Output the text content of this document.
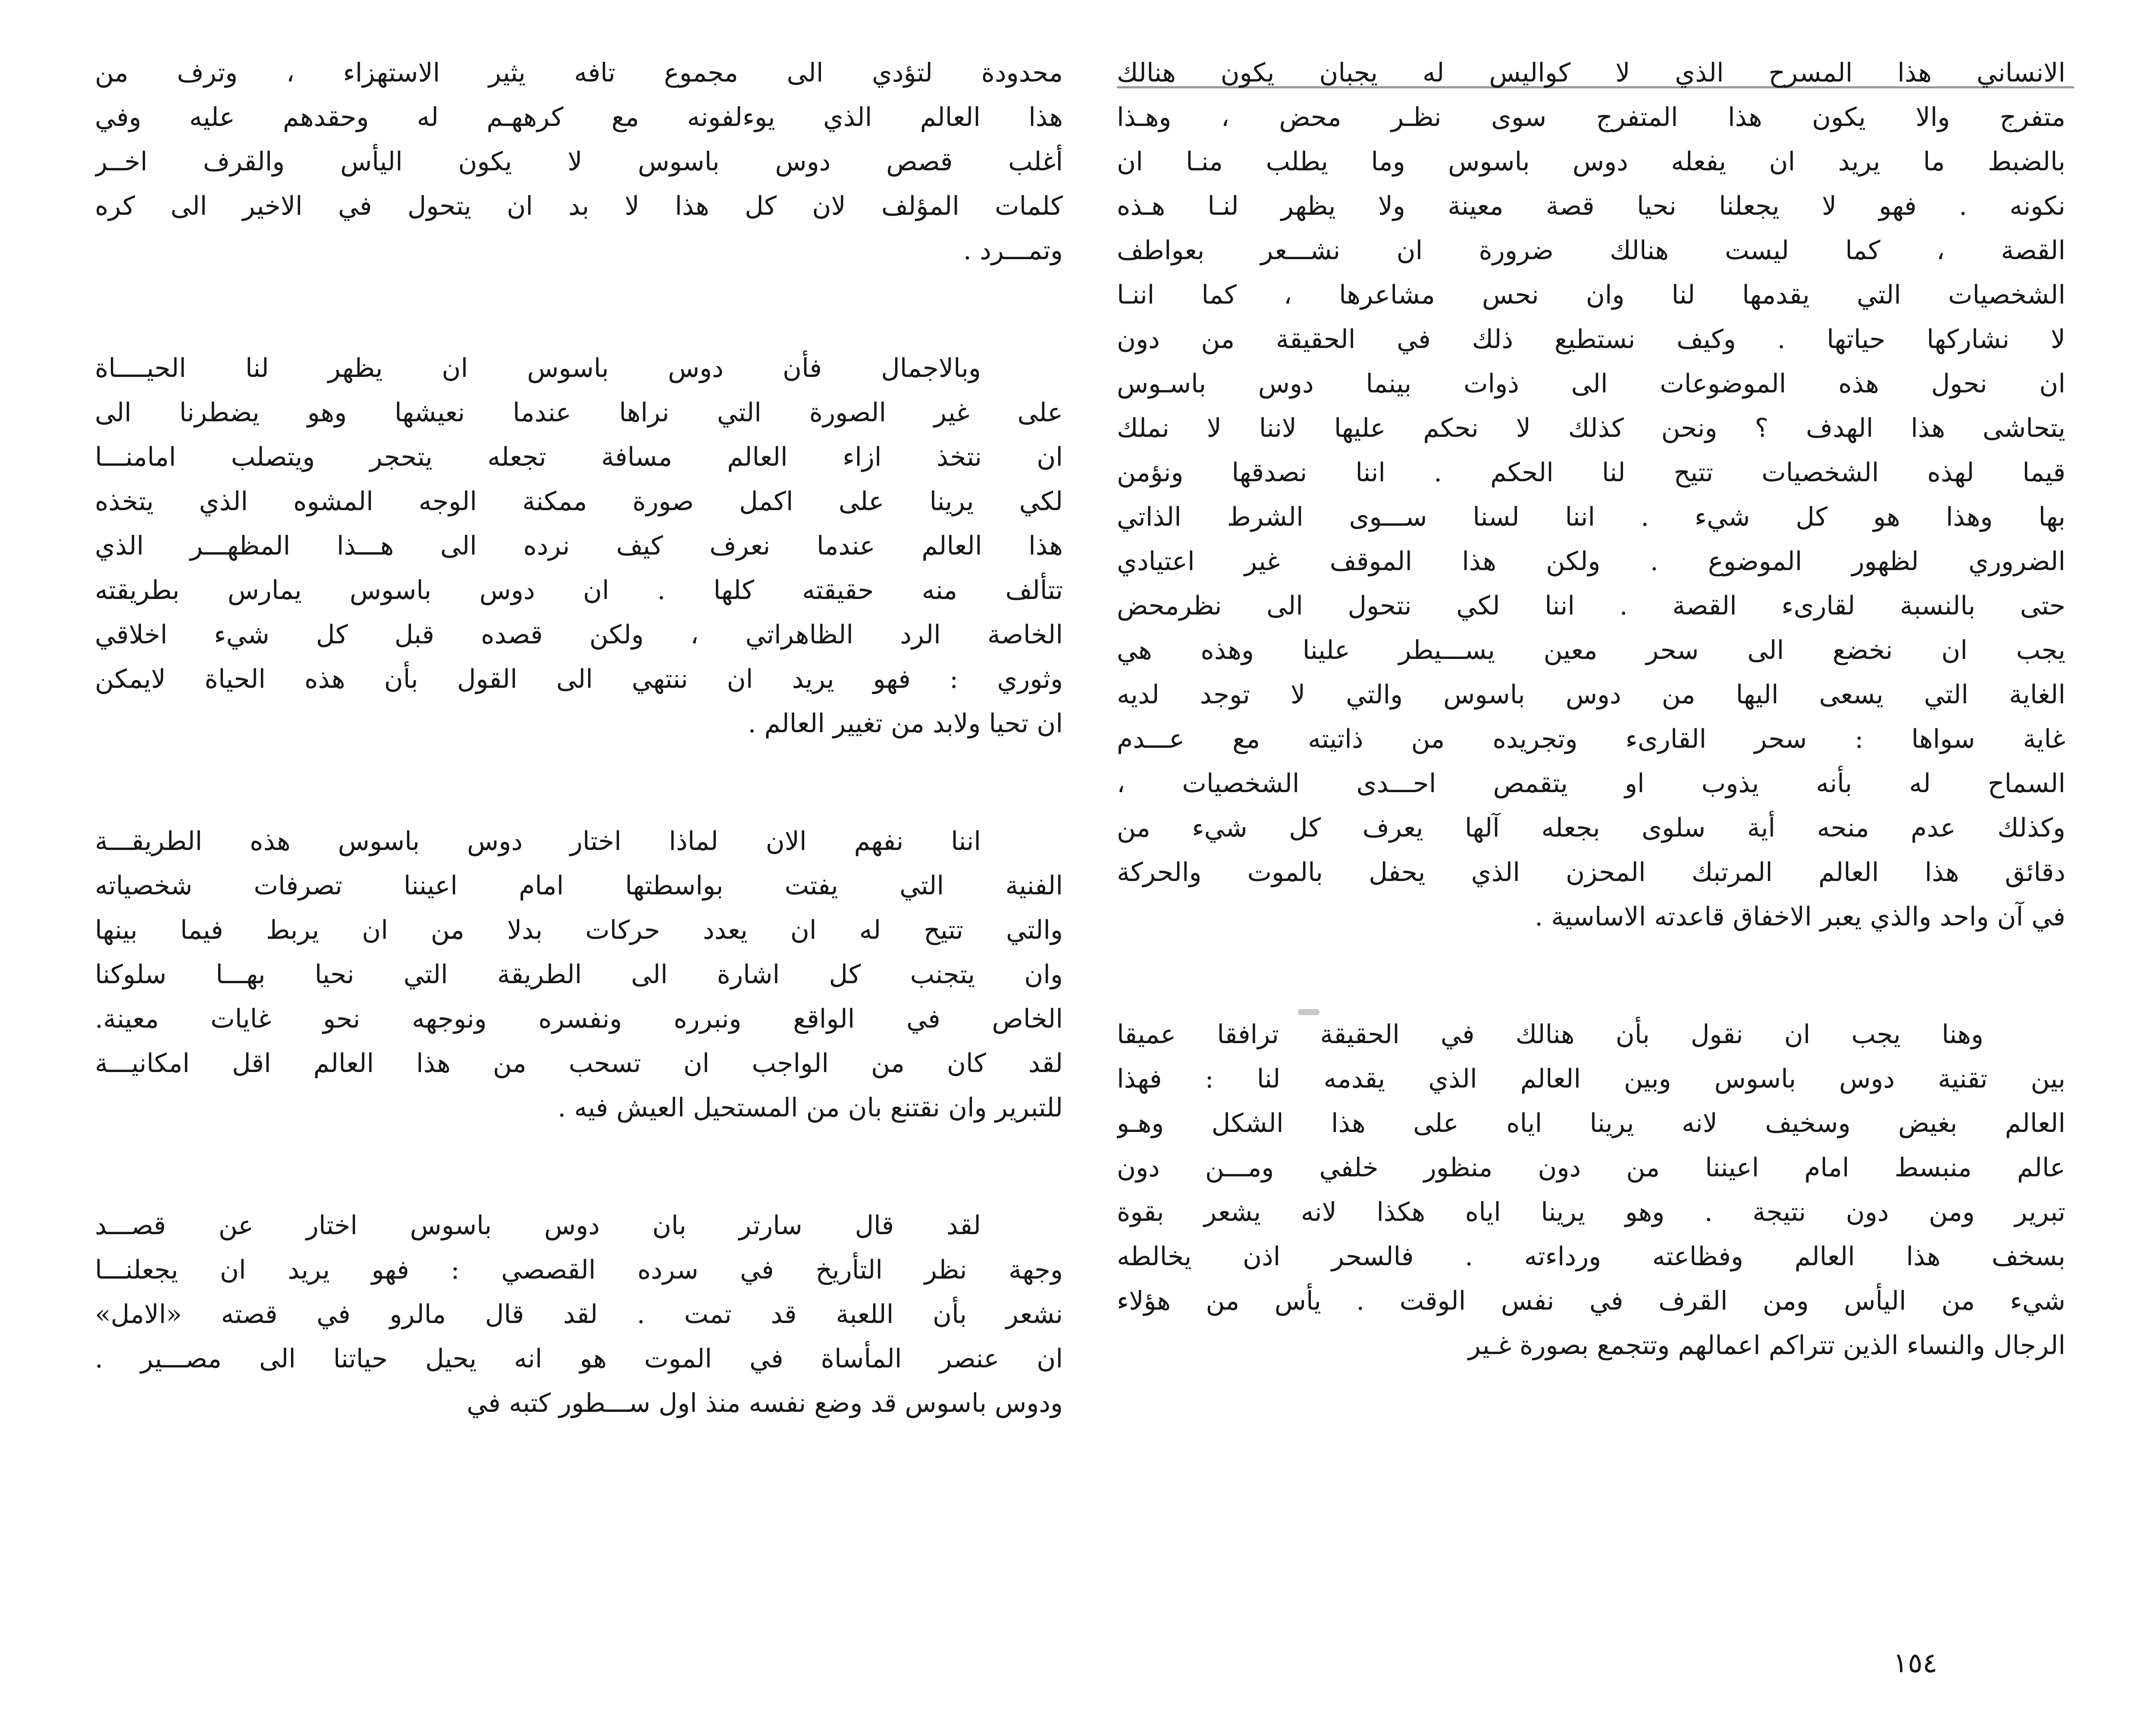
الانساني هذا المسرح الذي لا كواليس له يجبان يكون هنالك
متفرج والا يكون هذا المتفرج سوى نظـر محض ، وهـذا
بالضبط ما يريد ان يفعله دوس باسوس وما يطلب منـا ان
نكونه . فهو لا يجعلنا نحيا قصة معينة ولا يظهر لنـا هـذه
القصة ، كما ليست هنالك ضرورة ان نشـــعر بعواطف
الشخصيات التي يقدمها لنا وان نحس مشاعرها ، كما اننـا
لا نشاركها حياتها . وكيف نستطيع ذلك في الحقيقة من دون
ان نحول هذه الموضوعات الى ذوات بينما دوس باسـوس
يتحاشى هذا الهدف ؟ ونحن كذلك لا نحكم عليها لاننا لا نملك
قيما لهذه الشخصيات تتيح لنا الحكم . اننا نصدقها ونؤمن
بها وهذا هو كل شيء . اننا لسنا ســـوى الشرط الذاتي
الضروري لظهور الموضوع . ولكن هذا الموقف غير اعتيادي
حتى بالنسبة لقارىء القصة . اننا لكي نتحول الى نظرمحض
يجب ان نخضع الى سحر معين يســـيطر علينا وهذه هي
الغاية التي يسعى اليها من دوس باسوس والتي لا توجد لديه
غاية سواها : سحر القارىء وتجريده من ذاتيته مع عـــدم
السماح له بأنه يذوب او يتقمص احـــدى الشخصيات ،
وكذلك عدم منحه أية سلوى بجعله آلها يعرف كل شيء من
دقائق هذا العالم المرتبك المحزن الذي يحفل بالموت والحركة
في آن واحد والذي يعبر الاخفاق قاعدته الاساسية .
وهنا يجب ان نقول بأن هنالك في الحقيقة ترافقا عميقا
بين تقنية دوس باسوس وبين العالم الذي يقدمه لنا : فهذا
العالم بغيض وسخيف لانه يرينا اياه على هذا الشكل وهـو
عالم منبسط امام اعيننا من دون منظور خلفي ومـــن دون
تبرير ومن دون نتيجة . وهو يرينا اياه هكذا لانه يشعر بقوة
بسخف هذا العالم وفظاعته ورداءته . فالسحر اذن يخالطه
شيء من اليأس ومن القرف في نفس الوقت . يأس من هؤلاء
الرجال والنساء الذين تتراكم اعمالهم وتتجمع بصورة غـير
محدودة لتؤدي الى مجموع تافه يثير الاستهزاء ، وترف من
هذا العالم الذي يوءلفونه مع كرههـم له وحقدهم عليه وفي
أغلب قصص دوس باسوس لا يكون اليأس والقرف اخــر
كلمات المؤلف لان كل هذا لا بد ان يتحول في الاخير الى كره
وتمـــرد .
وبالاجمال فأن دوس باسوس ان يظهر لنا الحيــــاة
على غير الصورة التي نراها عندما نعيشها وهو يضطرنا الى
ان نتخذ ازاء العالم مسافة تجعله يتحجر ويتصلب امامنـــا
لكي يرينا على اكمل صورة ممكنة الوجه المشوه الذي يتخذه
هذا العالم عندما نعرف كيف نرده الى هـــذا المظهـــر الذي
تتألف منه حقيقته كلها . ان دوس باسوس يمارس بطريقته
الخاصة الرد الظاهراتي ، ولكن قصده قبل كل شيء اخلاقي
وثوري : فهو يريد ان ننتهي الى القول بأن هذه الحياة لايمكن
ان تحيا ولابد من تغيير العالم .
اننا نفهم الان لماذا اختار دوس باسوس هذه الطريقـــة
الفنية التي يفتت بواسطتها امام اعيننا تصرفات شخصياته
والتي تتيح له ان يعدد حركات بدلا من ان يربط فيما بينها
وان يتجنب كل اشارة الى الطريقة التي نحيا بهـــا سلوكنا
الخاص في الواقع ونبرره ونفسره ونوجهه نحو غايات معينة.
لقد كان من الواجب ان تسحب من هذا العالم اقل امكانيـــة
للتبرير وان نقتنع بان من المستحيل العيش فيه .
لقد قال سارتر بان دوس باسوس اختار عن قصـــد
وجهة نظر التأريخ في سرده القصصي : فهو يريد ان يجعلنـــا
نشعر بأن اللعبة قد تمت . لقد قال مالرو في قصته «الامل»
ان عنصر المأساة في الموت هو انه يحيل حياتنا الى مصـــير .
ودوس باسوس قد وضع نفسه منذ اول ســـطور كتبه في
١٥٤
